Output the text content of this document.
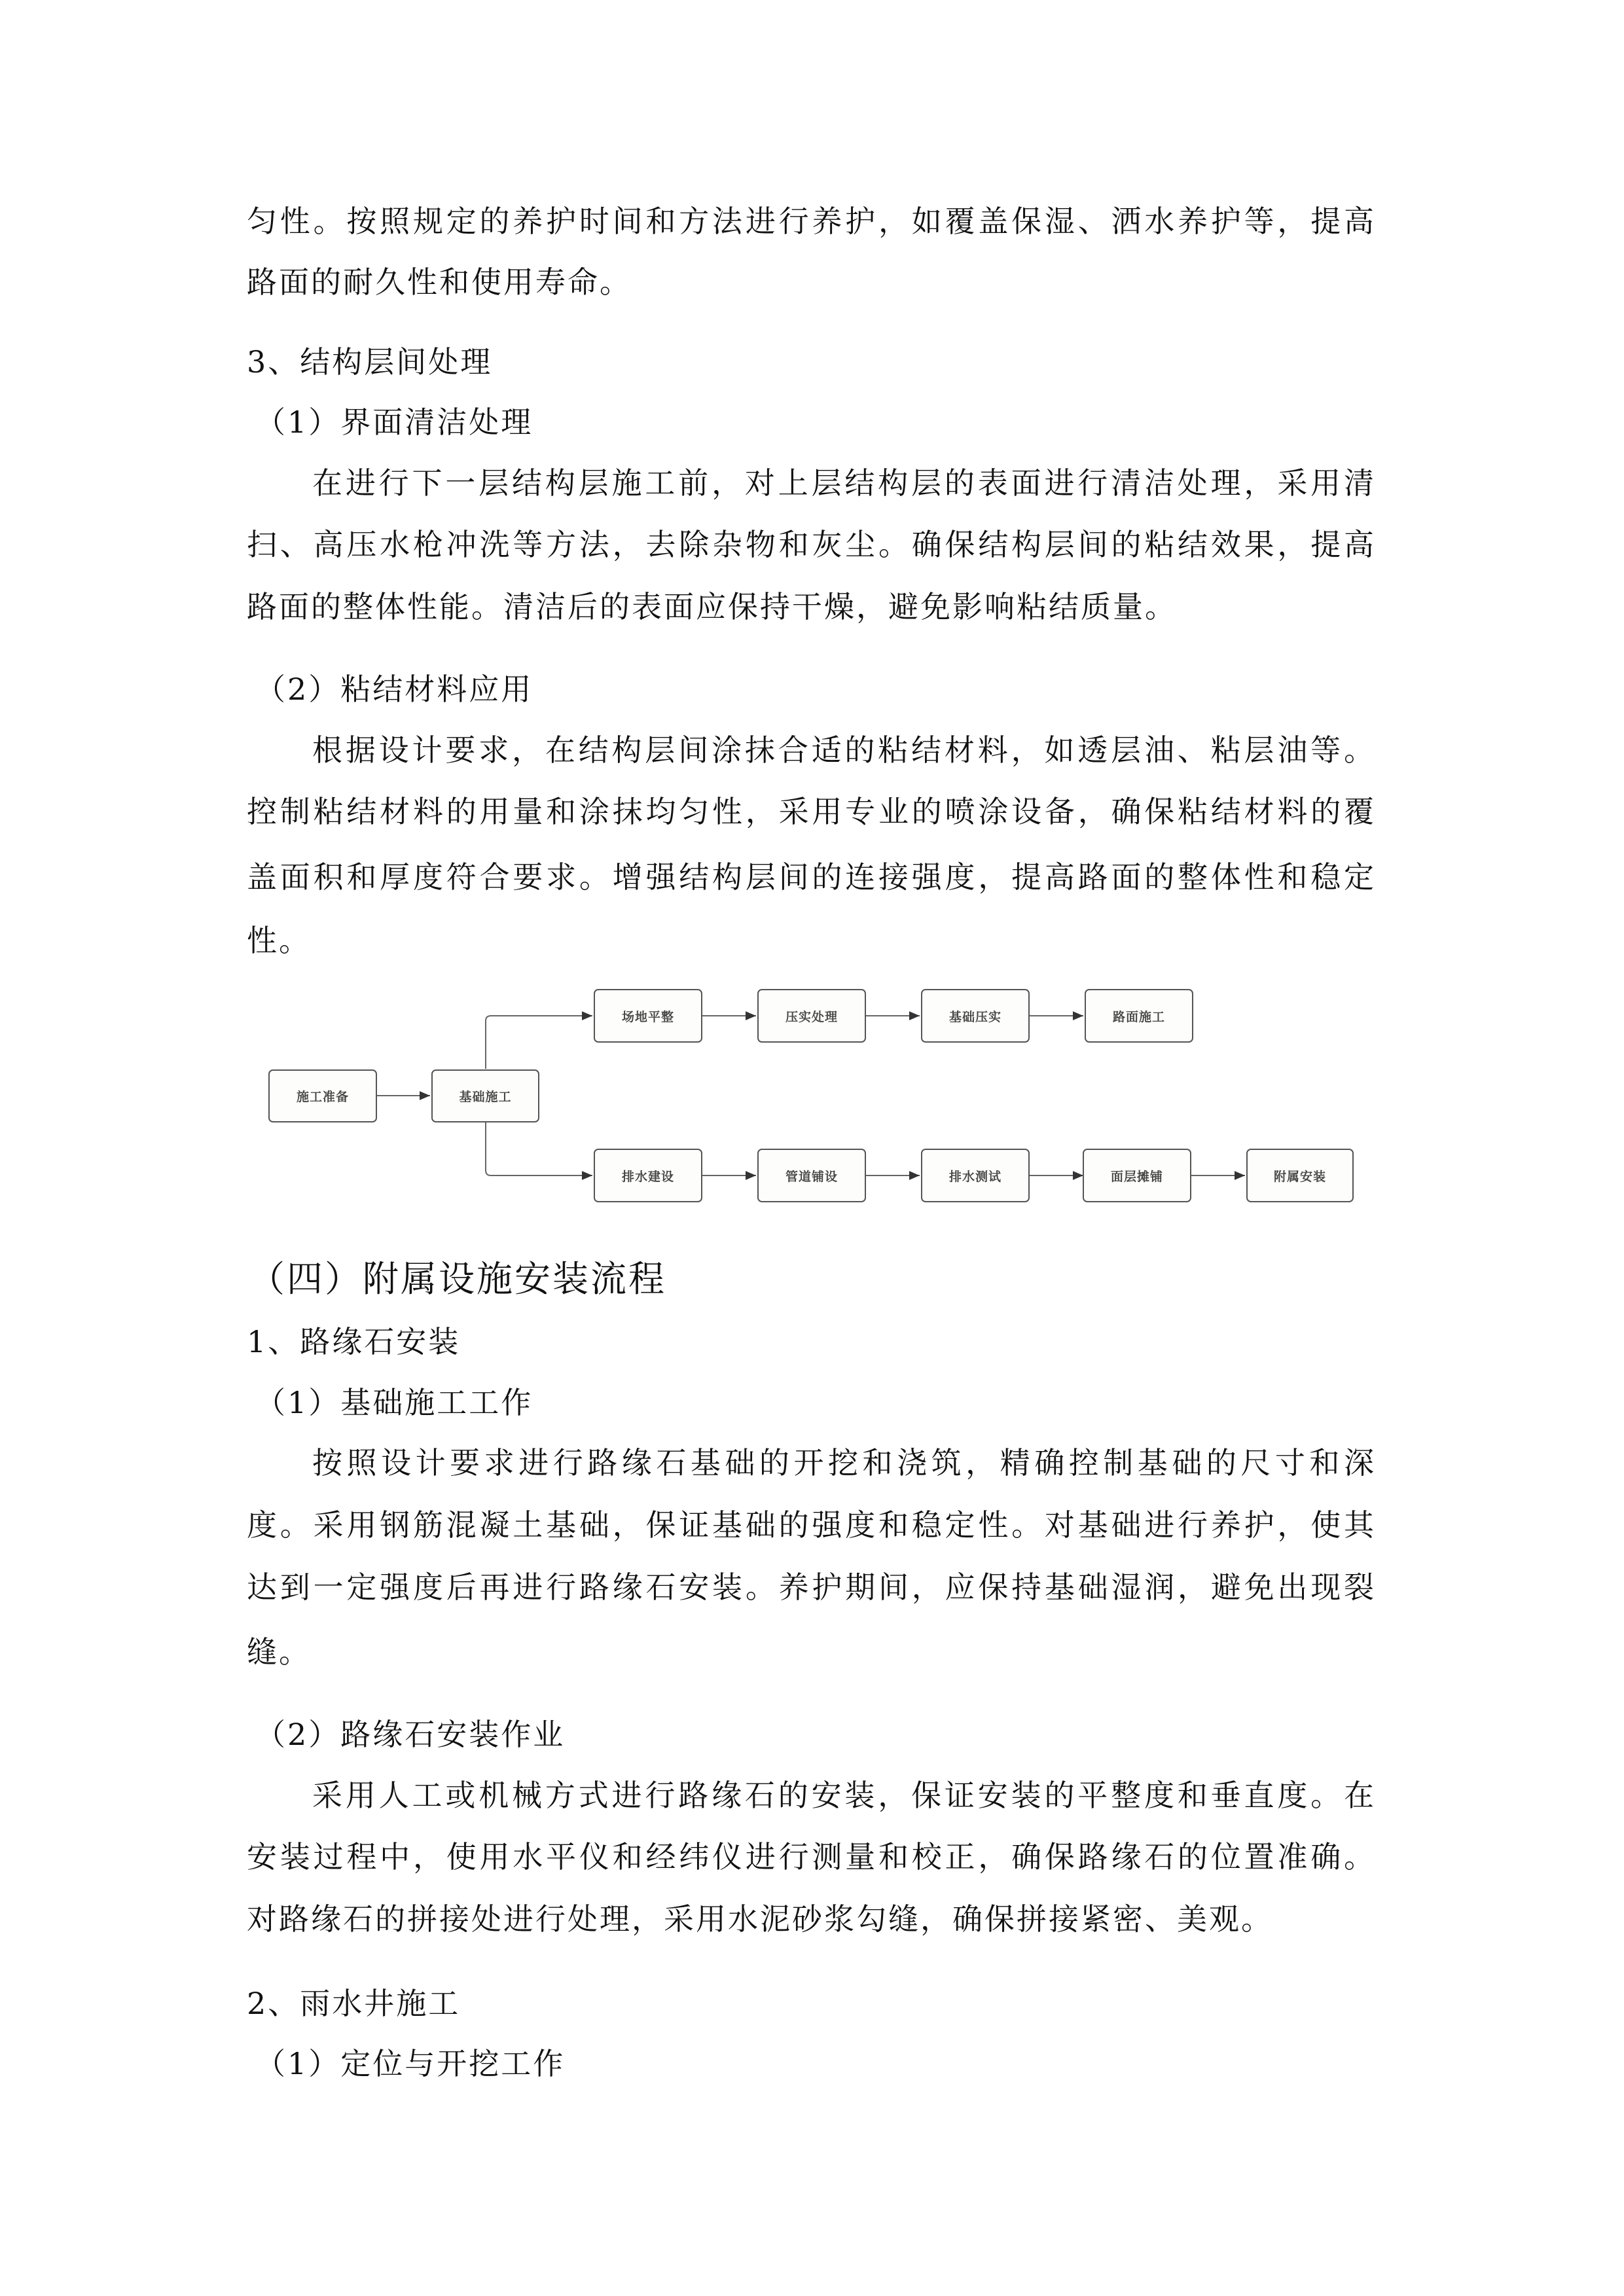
匀性。按照规定的养护时间和方法进行养护，如覆盖保湿、洒水养护等，提高
路面的耐久性和使用寿命。
3、结构层间处理
（1）界面清洁处理
在进行下一层结构层施工前，对上层结构层的表面进行清洁处理，采用清
扫、高压水枪冲洗等方法，去除杂物和灰尘。确保结构层间的粘结效果，提高
路面的整体性能。清洁后的表面应保持干燥，避免影响粘结质量。
（2）粘结材料应用
根据设计要求，在结构层间涂抹合适的粘结材料，如透层油、粘层油等。
控制粘结材料的用量和涂抹均匀性，采用专业的喷涂设备，确保粘结材料的覆
盖面积和厚度符合要求。增强结构层间的连接强度，提高路面的整体性和稳定
性。
施工准备	基础施工
场地平整	压实处理	基础压实	路面施工
排水建设	管道铺设	排水测试	面层摊铺	附属安装
（四）附属设施安装流程
1、路缘石安装
（1）基础施工工作
按照设计要求进行路缘石基础的开挖和浇筑，精确控制基础的尺寸和深
度。采用钢筋混凝土基础，保证基础的强度和稳定性。对基础进行养护，使其
达到一定强度后再进行路缘石安装。养护期间，应保持基础湿润，避免出现裂
缝。
（2）路缘石安装作业
采用人工或机械方式进行路缘石的安装，保证安装的平整度和垂直度。在
安装过程中，使用水平仪和经纬仪进行测量和校正，确保路缘石的位置准确。
对路缘石的拼接处进行处理，采用水泥砂浆勾缝，确保拼接紧密、美观。
2、雨水井施工
（1）定位与开挖工作
